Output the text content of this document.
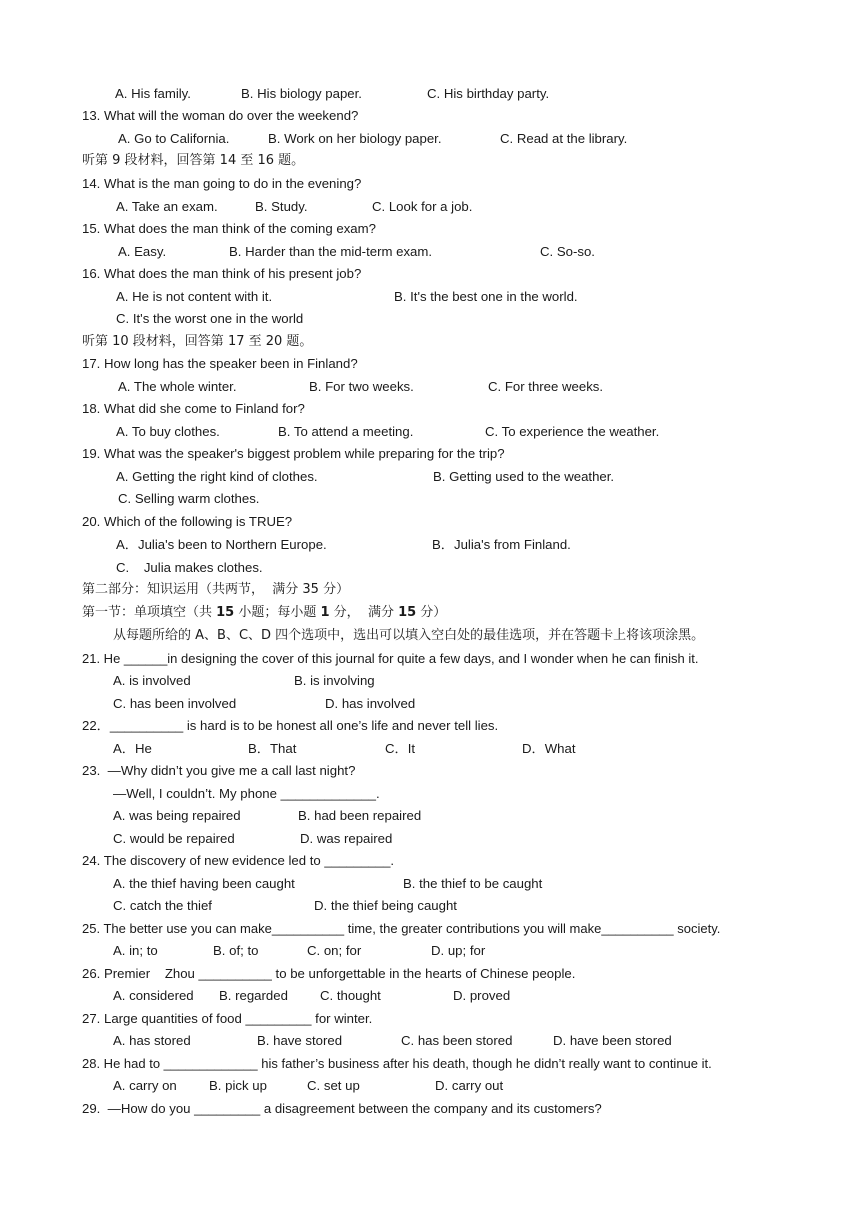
A. His family.	B. His biology paper.	C. His birthday party.
13. What will the woman do over the weekend?
A. Go to California.	B. Work on her biology paper.	C. Read at the library.
听第 9 段材料，回答第 14 至 16 题。
14. What is the man going to do in the evening?
A. Take an exam.	B. Study.	C. Look for a job.
15. What does the man think of the coming exam?
A. Easy.	B. Harder than the mid-term exam.	C. So-so.
16. What does the man think of his present job?
A. He is not content with it.	B. It's the best one in the world.
C. It's the worst one in the world
听第 10 段材料，回答第 17 至 20 题。
17. How long has the speaker been in Finland?
A. The whole winter.	B. For two weeks.	C. For three weeks.
18. What did she come to Finland for?
A. To buy clothes.	B. To attend a meeting.	C. To experience the weather.
19. What was the speaker's biggest problem while preparing for the trip?
A. Getting the right kind of clothes.	B. Getting used to the weather.
C. Selling warm clothes.
20. Which of the following is TRUE?
A．Julia's been to Northern Europe.	B．Julia's from Finland.
C.    Julia makes clothes.
第二部分：知识运用（共两节，  满分 35 分）
第一节：单项填空（共 15 小题；每小题 1 分，  满分 15 分）
从每题所给的 A、B、C、D 四个选项中，选出可以填入空白处的最佳选项，并在答题卡上将该项涂黑。
21. He ______in designing the cover of this journal for quite a few days, and I wonder when he can finish it.
A. is involved	B. is involving
C. has been involved	D. has involved
22．__________ is hard is to be honest all one’s life and never tell lies.
A．He	B．That	C．It	D．What
23.  —Why didn’t you give me a call last night?
—Well, I couldn’t. My phone _____________.
A. was being repaired	B. had been repaired
C. would be repaired	D. was repaired
24. The discovery of new evidence led to _________.
A. the thief having been caught	B. the thief to be caught
C. catch the thief	D. the thief being caught
25. The better use you can make__________ time, the greater contributions you will make__________ society.
A. in; to	B. of; to	C. on; for	D. up; for
26. Premier    Zhou __________ to be unforgettable in the hearts of Chinese people.
A. considered B. regarded C. thought	D. proved
27. Large quantities of food _________ for winter.
A. has stored	B. have stored	C. has been stored	D. have been stored
28. He had to _____________ his father’s business after his death, though he didn’t really want to continue it.
A. carry on B. pick up	C. set up	D. carry out
29.  —How do you _________ a disagreement between the company and its customers?
